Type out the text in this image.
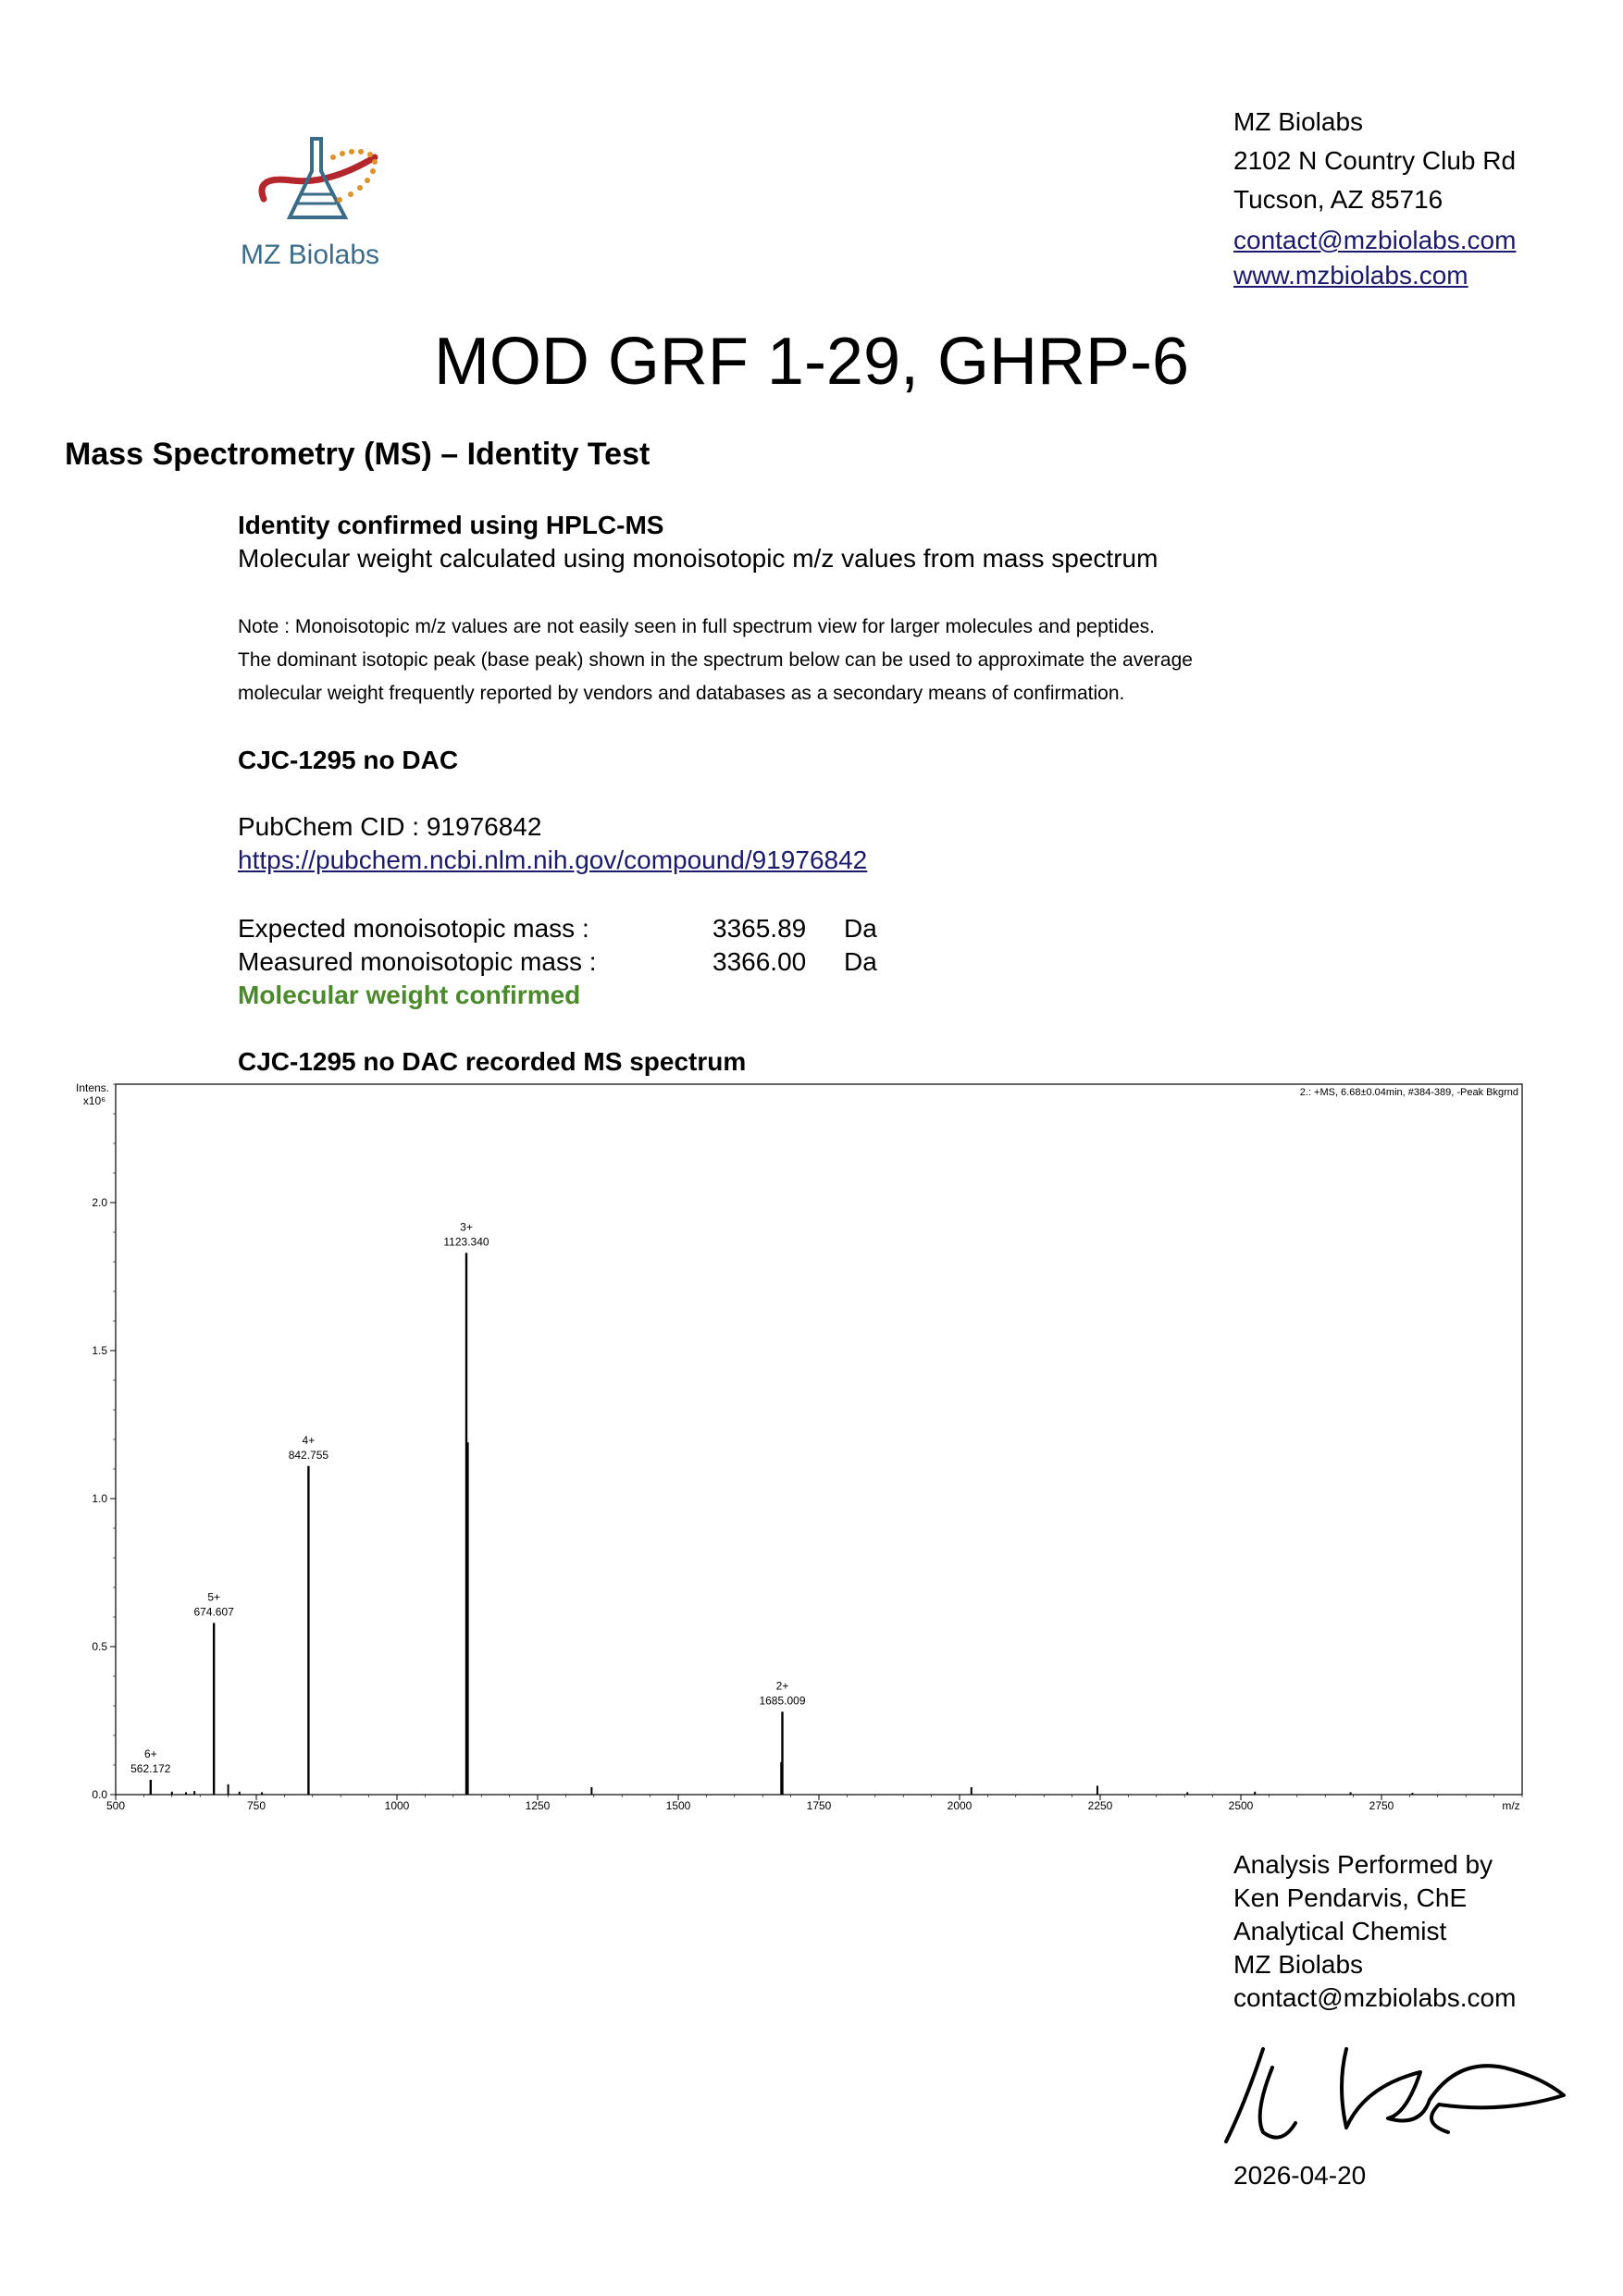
MZ Biolabs
MZ Biolabs
2102 N Country Club Rd
Tucson, AZ 85716
contact@mzbiolabs.com
www.mzbiolabs.com
MOD GRF 1-29, GHRP-6
Mass Spectrometry (MS) – Identity Test
Identity confirmed using HPLC-MS
Molecular weight calculated using monoisotopic m/z values from mass spectrum
Note : Monoisotopic m/z values are not easily seen in full spectrum view for larger molecules and peptides.
The dominant isotopic peak (base peak) shown in the spectrum below can be used to approximate the average
molecular weight frequently reported by vendors and databases as a secondary means of confirmation.
CJC-1295 no DAC
PubChem CID : 91976842
https://pubchem.ncbi.nlm.nih.gov/compound/91976842
Expected monoisotopic mass :	3365.89 Da
Measured monoisotopic mass :	3366.00 Da
Molecular weight confirmed
CJC-1295 no DAC recorded MS spectrum
2.: +MS, 6.68±0.04min, #384-389, -Peak Bkgrnd
Intens.
x10⁶
m/z
500	750	1000	1250	1500	1750	2000	2250	2500	2750
0.0
0.5
1.0
1.5
2.0
6+
562.172
5+
674.607
4+
842.755
3+
1123.340
2+
1685.009
Analysis Performed by
Ken Pendarvis, ChE
Analytical Chemist
MZ Biolabs
contact@mzbiolabs.com
2026-04-20
